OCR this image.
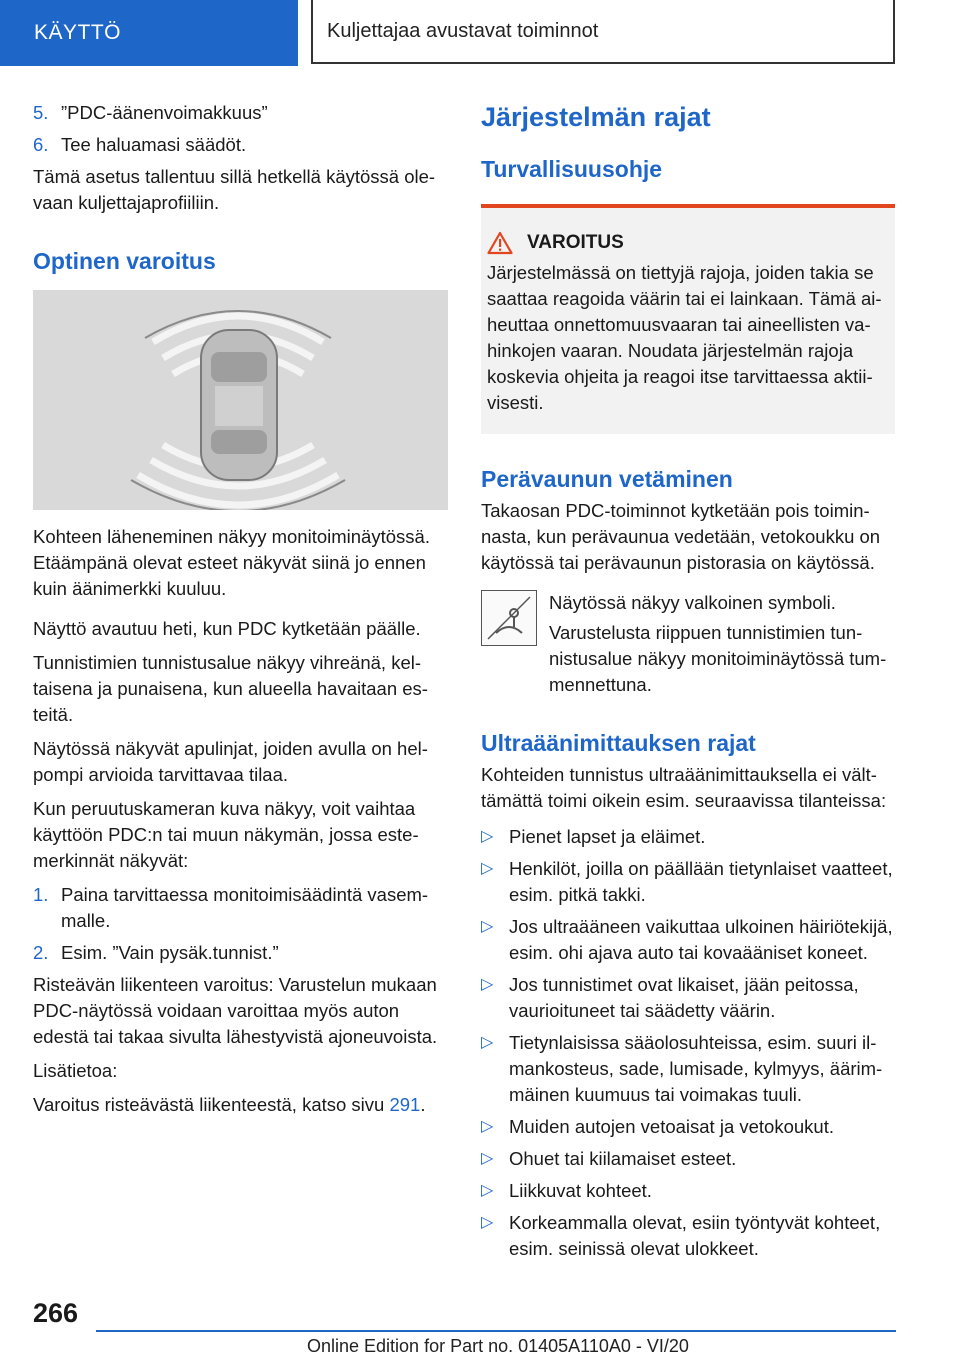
KÄYTTÖ	Kuljettajaa avustavat toiminnot
5. ”PDC-äänenvoimakkuus”
6. Tee haluamasi säädöt.

Tämä asetus tallentuu sillä hetkellä käytössä olevaan kuljettajaprofiiliin.

Optinen varoitus

Kohteen läheneminen näkyy monitoiminäytössä. Etäämpänä olevat esteet näkyvät siinä jo ennen kuin äänimerkki kuuluu.

Näyttö avautuu heti, kun PDC kytketään päälle.

Tunnistimien tunnistusalue näkyy vihreänä, keltaisena ja punaisena, kun alueella havaitaan esteitä.

Näytössä näkyvät apulinjat, joiden avulla on helpompi arvioida tarvittavaa tilaa.

Kun peruutuskameran kuva näkyy, voit vaihtaa käyttöön PDC:n tai muun näkymän, jossa estemerkinnät näkyvät:

1. Paina tarvittaessa monitoimisäädintä vasemmalle.
2. Esim. ”Vain pysäk.tunnist.”

Risteävän liikenteen varoitus: Varustelun mukaan PDC-näytössä voidaan varoittaa myös auton edestä tai takaa sivulta lähestyvistä ajoneuvoista.

Lisätietoa:

Varoitus risteävästä liikenteestä, katso sivu 291.

Järjestelmän rajat
Turvallisuusohje
VAROITUS
Järjestelmässä on tiettyjä rajoja, joiden takia se saattaa reagoida väärin tai ei lainkaan. Tämä aiheuttaa onnettomuusvaaran tai aineellisten vahinkojen vaaran. Noudata järjestelmän rajoja koskevia ohjeita ja reagoi itse tarvittaessa aktiivisesti.
Perävaunun vetäminen

Takaosan PDC-toiminnot kytketään pois toiminnasta, kun perävaunua vedetään, vetokoukku on käytössä tai perävaunun pistorasia on käytössä.

Näytössä näkyy valkoinen symboli.

Varustelusta riippuen tunnistimien tunnistusalue näkyy monitoiminäytössä tummennettuna.
Ultraäänimittauksen rajat

Kohteiden tunnistus ultraäänimittauksella ei välttämättä toimi oikein esim. seuraavissa tilanteissa:

▷ Pienet lapset ja eläimet.
▷ Henkilöt, joilla on päällään tietynlaiset vaatteet, esim. pitkä takki.
▷ Jos ultraääneen vaikuttaa ulkoinen häiriötekijä, esim. ohi ajava auto tai kovaääniset koneet.
▷ Jos tunnistimet ovat likaiset, jään peitossa, vaurioituneet tai säädetty väärin.
▷ Tietynlaisissa sääolosuhteissa, esim. suuri ilmankosteus, sade, lumisade, kylmyys, äärimmäinen kuumuus tai voimakas tuuli.
▷ Muiden autojen vetoaisat ja vetokoukut.
▷ Ohuet tai kiilamaiset esteet.
▷ Liikkuvat kohteet.
▷ Korkeammalla olevat, esiin työntyvät kohteet, esim. seinissä olevat ulokkeet.
266
Online Edition for Part no. 01405A110A0 - VI/20
